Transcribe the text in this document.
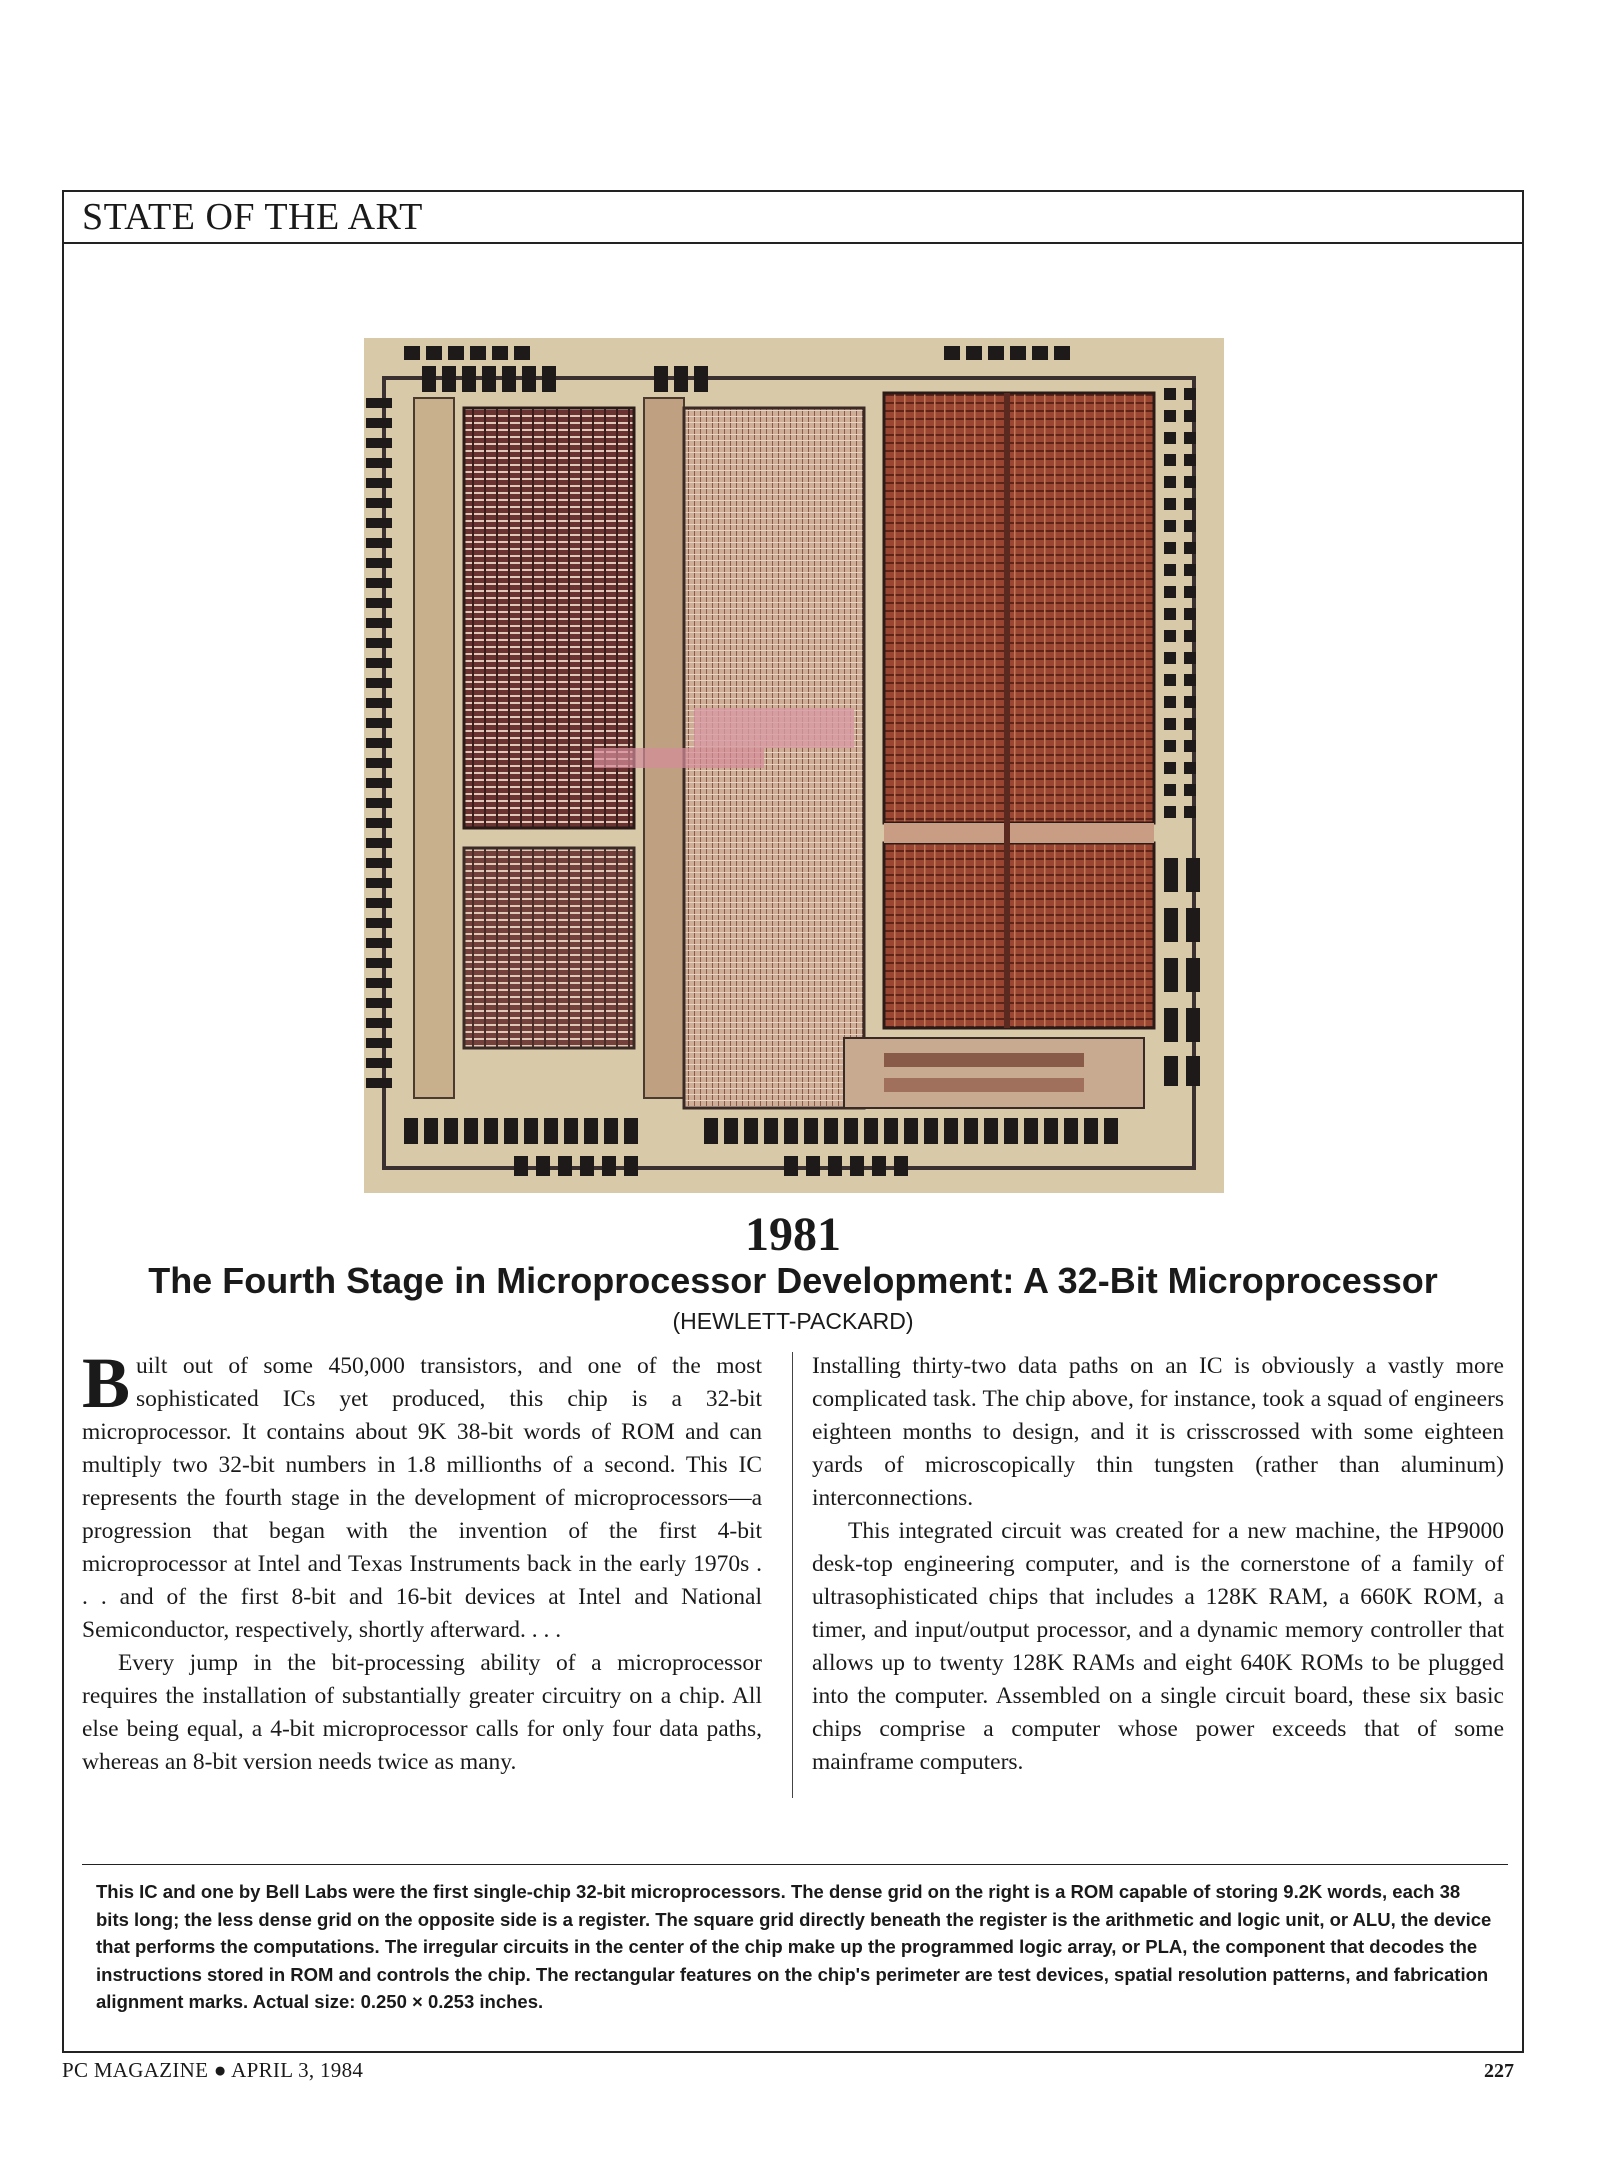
STATE OF THE ART
1981
The Fourth Stage in Microprocessor Development: A 32-Bit Microprocessor
(HEWLETT-PACKARD)

Built out of some 450,000 transistors, and one of the most sophisticated ICs yet produced, this chip is a 32-bit microprocessor. It contains about 9K 38-bit words of ROM and can multiply two 32-bit numbers in 1.8 millionths of a second. This IC represents the fourth stage in the development of microprocessors—a progression that began with the invention of the first 4-bit microprocessor at Intel and Texas Instruments back in the early 1970s . . . and of the first 8-bit and 16-bit devices at Intel and National Semiconductor, respectively, shortly afterward. . . .

Every jump in the bit-processing ability of a microprocessor requires the installation of substantially greater circuitry on a chip. All else being equal, a 4-bit microprocessor calls for only four data paths, whereas an 8-bit version needs twice as many.

Installing thirty-two data paths on an IC is obviously a vastly more complicated task. The chip above, for instance, took a squad of engineers eighteen months to design, and it is crisscrossed with some eighteen yards of microscopically thin tungsten (rather than aluminum) interconnections.

This integrated circuit was created for a new machine, the HP9000 desk-top engineering computer, and is the cornerstone of a family of ultrasophisticated chips that includes a 128K RAM, a 660K ROM, a timer, and input/output processor, and a dynamic memory controller that allows up to twenty 128K RAMs and eight 640K ROMs to be plugged into the computer. Assembled on a single circuit board, these six basic chips comprise a computer whose power exceeds that of some mainframe computers.

This IC and one by Bell Labs were the first single-chip 32-bit microprocessors. The dense grid on the right is a ROM capable of storing 9.2K words, each 38 bits long; the less dense grid on the opposite side is a register. The square grid directly beneath the register is the arithmetic and logic unit, or ALU, the device that performs the computations. The irregular circuits in the center of the chip make up the programmed logic array, or PLA, the component that decodes the instructions stored in ROM and controls the chip. The rectangular features on the chip's perimeter are test devices, spatial resolution patterns, and fabrication alignment marks. Actual size: 0.250 × 0.253 inches.

PC MAGAZINE ● APRIL 3, 1984	227
